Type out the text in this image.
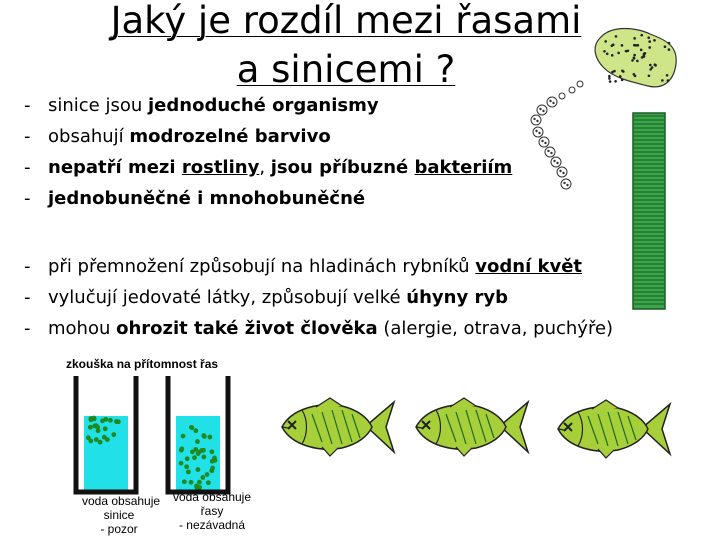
Jaký je rozdíl mezi řasami a sinicemi ?
- sinice jsou jednoduché organismy
- obsahují modrozelné barvivo
- nepatří mezi rostliny, jsou příbuzné bakteriím
- jednobuněčné i mnohobuněčné
- při přemnožení způsobují na hladinách rybníků vodní květ
- vylučují jedovaté látky, způsobují velké úhyny ryb
- mohou ohrozit také život člověka (alergie, otrava, puchýře)
zkouška na přítomnost řas
voda obsahuje
sinice
- pozor
voda obsahuje
řasy
- nezávadná
